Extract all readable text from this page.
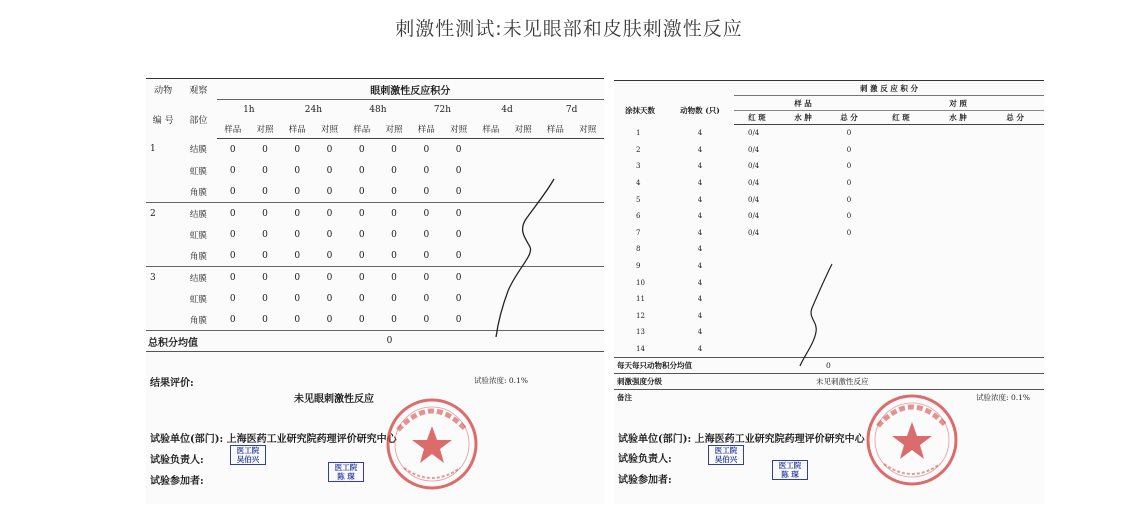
刺激性测试:未见眼部和皮肤刺激性反应
动物	观察	眼刺激性反应积分											
编 号	部位	1h		24h		48h		72h		4d		7d	
		样品	对照	样品	对照	样品	对照	样品	对照	样品	对照	样品	对照
1	结膜	0	0	0	0	0	0	0	0				
	虹膜	0	0	0	0	0	0	0	0				
	角膜	0	0	0	0	0	0	0	0				
2	结膜	0	0	0	0	0	0	0	0				
	虹膜	0	0	0	0	0	0	0	0				
	角膜	0	0	0	0	0	0	0	0				
3	结膜	0	0	0	0	0	0	0	0				
	虹膜	0	0	0	0	0	0	0	0				
	角膜	0	0	0	0	0	0	0	0				
总积分均值		0											
结果评价:	试验浓度: 0.1%
未见眼刺激性反应
试验单位(部门): 上海医药工业研究院药理评价研究中心
试验负责人:
试验参加者:
医工院
吴伯兴
医工院
陈 琛
		刺 激 反 应 积 分					
涂抹天数	动物数 (只)	样 品			对 照		
		红 斑	水 肿	总 分	红 斑	水 肿	总 分
1	4	0/4		0			
2	4	0/4		0			
3	4	0/4		0			
4	4	0/4		0			
5	4	0/4		0			
6	4	0/4		0			
7	4	0/4		0			
8	4						
9	4						
10	4						
11	4						
12	4						
13	4						
14	4						
每天每只动物积分均值				0			
刺激强度分级			未见刺激性反应				
备注			试验浓度: 0.1%				
试验单位(部门): 上海医药工业研究院药理评价研究中心
试验负责人:
试验参加者:
医工院
吴伯兴
医工院
陈 琛
